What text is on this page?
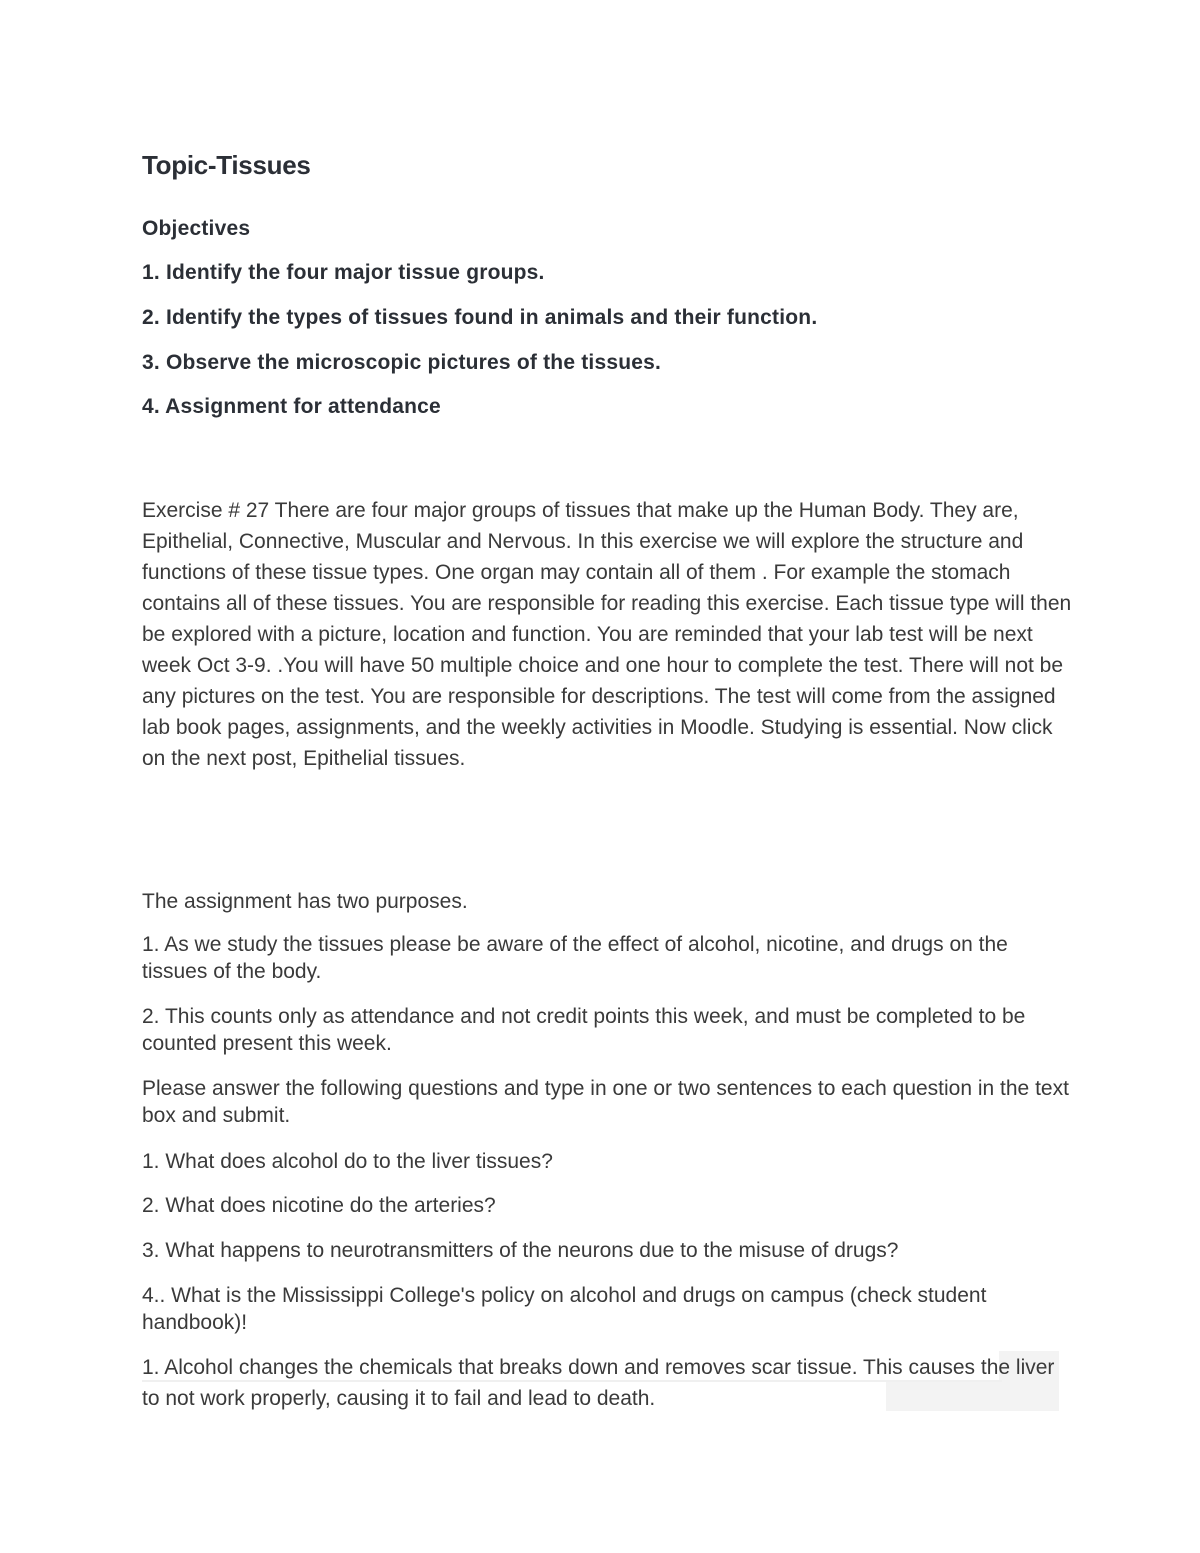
Topic-Tissues
Objectives
1. Identify the four major tissue groups.
2. Identify the types of tissues found in animals and their function.
3. Observe the microscopic pictures of the tissues.
4. Assignment for attendance
Exercise # 27 There are four major groups of tissues that make up the Human Body. They are, Epithelial, Connective, Muscular and Nervous. In this exercise we will explore the structure and functions of these tissue types. One organ may contain all of them . For example the stomach contains all of these tissues. You are responsible for reading this exercise. Each tissue type will then be explored with a picture, location and function. You are reminded that your lab test will be next week Oct 3-9. .You will have 50 multiple choice and one hour to complete the test. There will not be any pictures on the test. You are responsible for descriptions. The test will come from the assigned lab book pages, assignments, and the weekly activities in Moodle. Studying is essential. Now click on the next post, Epithelial tissues.
The assignment has two purposes.
1. As we study the tissues please be aware of the effect of alcohol, nicotine, and drugs on the tissues of the body.
2. This counts only as attendance and not credit points this week, and must be completed to be counted present this week.
Please answer the following questions and type in one or two sentences to each question in the text box and submit.
1. What does alcohol do to the liver tissues?
2. What does nicotine do the arteries?
3. What happens to neurotransmitters of the neurons due to the misuse of drugs?
4.. What is the Mississippi College's policy on alcohol and drugs on campus (check student handbook)!
1. Alcohol changes the chemicals that breaks down and removes scar tissue. This causes the liver to not work properly, causing it to fail and lead to death.
